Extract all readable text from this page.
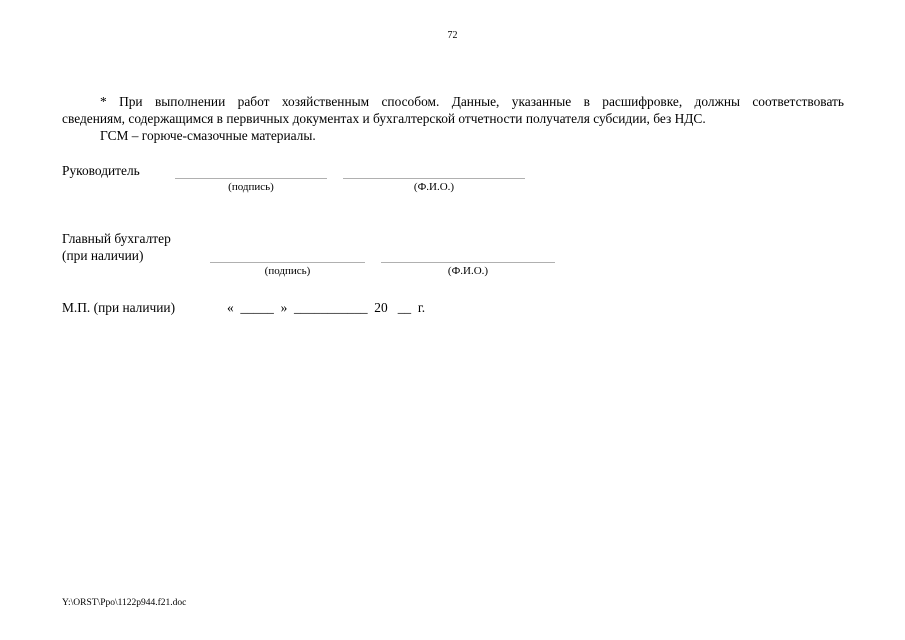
72
* При выполнении работ хозяйственным способом. Данные, указанные в расшифровке, должны соответствовать
сведениям, содержащимся в первичных документах и бухгалтерской отчетности получателя субсидии, без НДС.
ГСМ – горюче-смазочные материалы.
Руководитель
(подпись)	(Ф.И.О.)
Главный бухгалтер
(при наличии)
(подпись)	(Ф.И.О.)
М.П. (при наличии)	«  _____  »  ___________  20   __  г.
Y:\ORST\Ppo\1122p944.f21.doc
